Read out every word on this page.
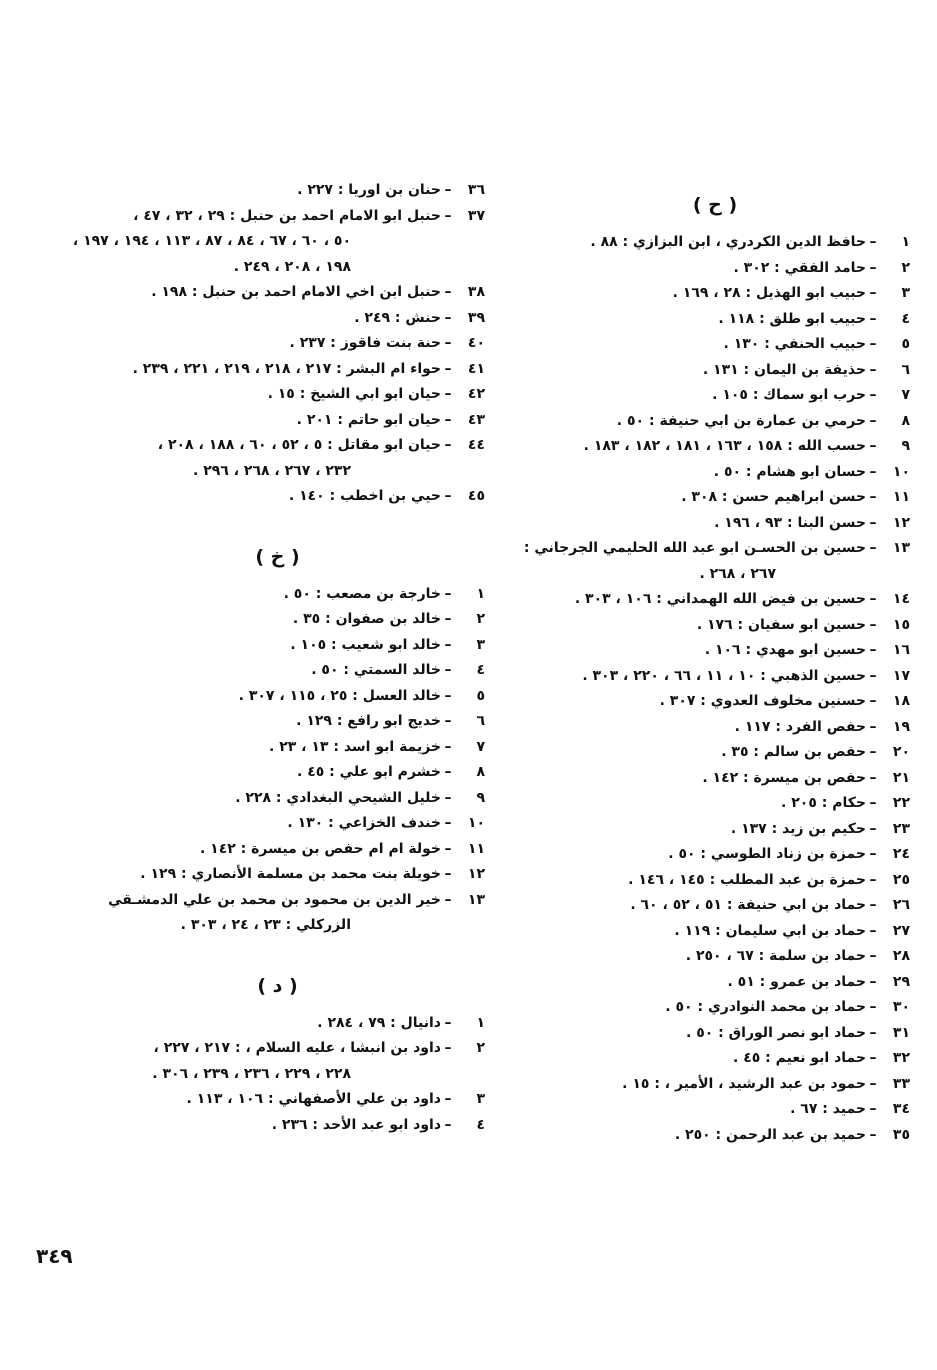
( ح )
١
–
حافظ الدين الكردري ، ابن البزازي : ٨٨ .
٢
–
حامد الفقي : ٣٠٢ .
٣
–
حبيب ابو الهذيل : ٢٨ ، ١٦٩ .
٤
–
حبيب ابو طلق : ١١٨ .
٥
–
حبيب الحنفي : ١٣٠ .
٦
–
حذيفة بن اليمان : ١٣١ .
٧
–
حرب ابو سماك : ١٠٥ .
٨
–
حرمي بن عمارة بن ابي حنيفة : ٥٠ .
٩
–
حسب الله : ١٥٨ ، ١٦٣ ، ١٨١ ، ١٨٢ ، ١٨٣ .
١٠
–
حسان ابو هشام : ٥٠ .
١١
–
حسن ابراهيم حسن : ٣٠٨ .
١٢
–
حسن البنا : ٩٣ ، ١٩٦ .
١٣
–
حسين بن الحسـن ابو عبد الله الحليمي الجرجاني :
٢٦٧ ، ٢٦٨ .
١٤
–
حسين بن فيض الله الهمداني : ١٠٦ ، ٣٠٣ .
١٥
–
حسين ابو سفيان : ١٧٦ .
١٦
–
حسين ابو مهدي : ١٠٦ .
١٧
–
حسين الذهبي : ١٠ ، ١١ ، ٦٦ ، ٢٢٠ ، ٣٠٣ .
١٨
–
حسنين مخلوف العدوي : ٣٠٧ .
١٩
–
حفص الفرد : ١١٧ .
٢٠
–
حفص بن سالم : ٣٥ .
٢١
–
حفص بن ميسرة : ١٤٢ .
٢٢
–
حكام : ٢٠٥ .
٢٣
–
حكيم بن زيد : ١٣٧ .
٢٤
–
حمزة بن زناد الطوسي : ٥٠ .
٢٥
–
حمزة بن عبد المطلب : ١٤٥ ، ١٤٦ .
٢٦
–
حماد بن ابي حنيفة : ٥١ ، ٥٢ ، ٦٠ .
٢٧
–
حماد بن ابي سليمان : ١١٩ .
٢٨
–
حماد بن سلمة : ٦٧ ، ٢٥٠ .
٢٩
–
حماد بن عمرو : ٥١ .
٣٠
–
حماد بن محمد النوادري : ٥٠ .
٣١
–
حماد ابو نصر الوراق : ٥٠ .
٣٢
–
حماد ابو نعيم : ٤٥ .
٣٣
–
حمود بن عبد الرشيد ، الأمير ، : ١٥ .
٣٤
–
حميد : ٦٧ .
٣٥
–
حميد بن عبد الرحمن : ٢٥٠ .
٣٦
–
حنان بن اوريا : ٢٢٧ .
٣٧
–
حنبل ابو الامام احمد بن حنبل : ٢٩ ، ٣٢ ، ٤٧ ،
٥٠ ، ٦٠ ، ٦٧ ، ٨٤ ، ٨٧ ، ١١٣ ، ١٩٤ ، ١٩٧ ،
١٩٨ ، ٢٠٨ ، ٢٤٩ .
٣٨
–
حنبل ابن اخي الامام احمد بن حنبل : ١٩٨ .
٣٩
–
حنش : ٢٤٩ .
٤٠
–
حنة بنت فاقوز : ٢٣٧ .
٤١
–
حواء ام البشر : ٢١٧ ، ٢١٨ ، ٢١٩ ، ٢٢١ ، ٢٣٩ .
٤٢
–
حيان ابو ابي الشيخ : ١٥ .
٤٣
–
حيان ابو حاتم : ٢٠١ .
٤٤
–
حيان ابو مقاتل : ٥ ، ٥٢ ، ٦٠ ، ١٨٨ ، ٢٠٨ ،
٢٣٢ ، ٢٦٧ ، ٢٦٨ ، ٢٩٦ .
٤٥
–
حيي بن اخطب : ١٤٠ .
( خ )
١
–
خارجة بن مصعب : ٥٠ .
٢
–
خالد بن صفوان : ٣٥ .
٣
–
خالد ابو شعيب : ١٠٥ .
٤
–
خالد السمتي : ٥٠ .
٥
–
خالد العسل : ٢٥ ، ١١٥ ، ٣٠٧ .
٦
–
خديج ابو رافع : ١٢٩ .
٧
–
خزيمة ابو اسد : ١٣ ، ٢٣ .
٨
–
خشرم ابو علي : ٤٥ .
٩
–
خليل الشيحي البغدادي : ٢٢٨ .
١٠
–
خندف الخزاعي : ١٣٠ .
١١
–
خولة ام ام حفص بن ميسرة : ١٤٢ .
١٢
–
خويلة بنت محمد بن مسلمة الأنصاري : ١٢٩ .
١٣
–
خير الدين بن محمود بن محمد بن علي الدمشـقي
الزركلي : ٢٣ ، ٢٤ ، ٣٠٣ .
( د )
١
–
دانيال : ٧٩ ، ٢٨٤ .
٢
–
داود بن انبشا ، عليه السلام ، : ٢١٧ ، ٢٢٧ ،
٢٢٨ ، ٢٢٩ ، ٢٣٦ ، ٢٣٩ ، ٣٠٦ .
٣
–
داود بن علي الأصفهاني : ١٠٦ ، ١١٣ .
٤
–
داود ابو عبد الأحد : ٢٣٦ .
٣٤٩
